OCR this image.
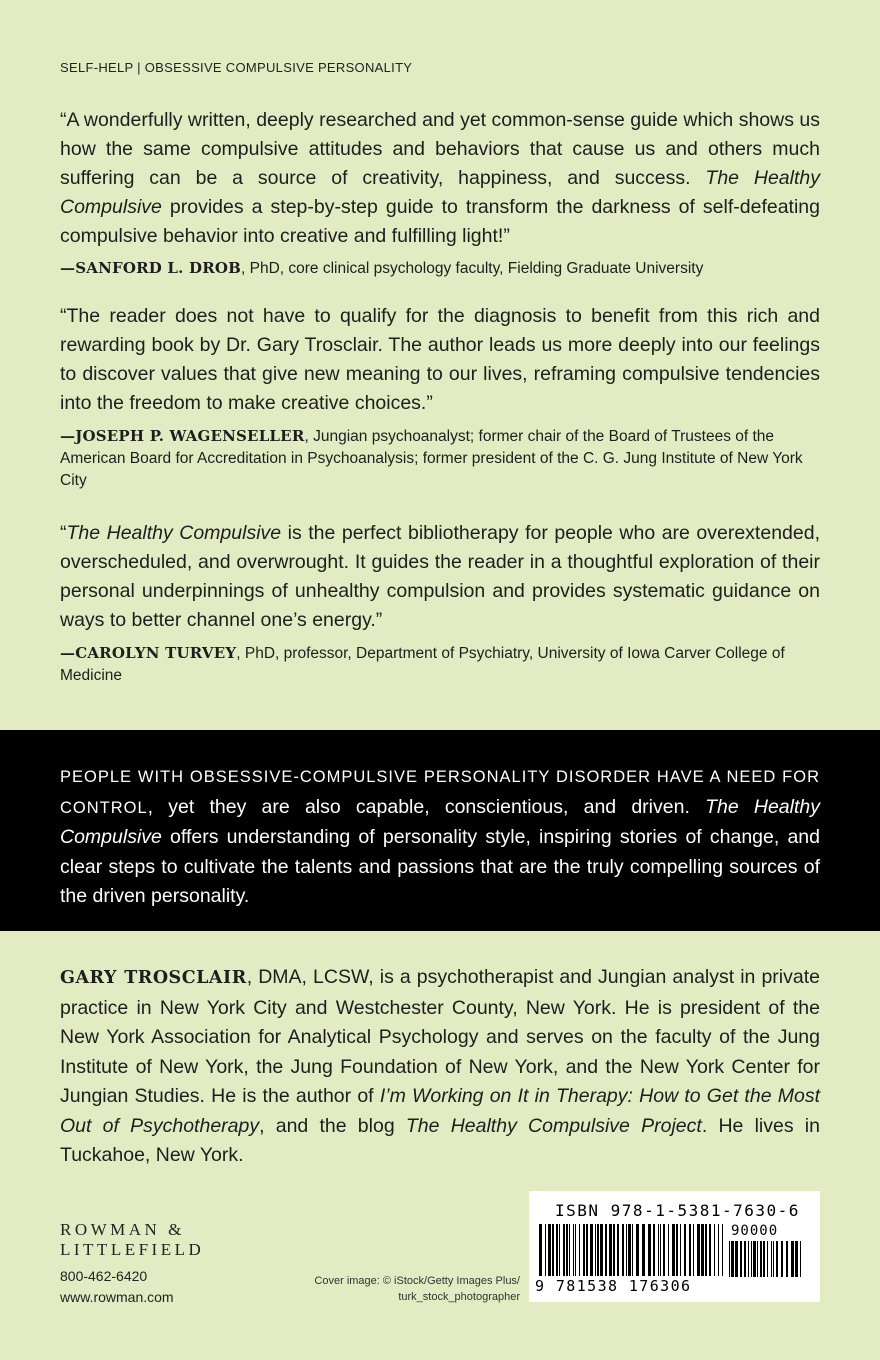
SELF-HELP | OBSESSIVE COMPULSIVE PERSONALITY
“A wonderfully written, deeply researched and yet common-sense guide which shows us how the same compulsive attitudes and behaviors that cause us and others much suffering can be a source of creativity, happiness, and success. The Healthy Compulsive provides a step-by-step guide to transform the darkness of self-defeating compulsive behavior into creative and fulfilling light!”
—SANFORD L. DROB, PhD, core clinical psychology faculty, Fielding Graduate University
“The reader does not have to qualify for the diagnosis to benefit from this rich and rewarding book by Dr. Gary Trosclair. The author leads us more deeply into our feelings to discover values that give new meaning to our lives, reframing compulsive tendencies into the freedom to make creative choices.”
—JOSEPH P. WAGENSELLER, Jungian psychoanalyst; former chair of the Board of Trustees of the American Board for Accreditation in Psychoanalysis; former president of the C. G. Jung Institute of New York City
“The Healthy Compulsive is the perfect bibliotherapy for people who are overextended, overscheduled, and overwrought. It guides the reader in a thoughtful exploration of their personal underpinnings of unhealthy compulsion and provides systematic guidance on ways to better channel one’s energy.”
—CAROLYN TURVEY, PhD, professor, Department of Psychiatry, University of Iowa Carver College of Medicine
PEOPLE WITH OBSESSIVE-COMPULSIVE PERSONALITY DISORDER HAVE A NEED FOR CONTROL, yet they are also capable, conscientious, and driven. The Healthy Compulsive offers understanding of personality style, inspiring stories of change, and clear steps to cultivate the talents and passions that are the truly compelling sources of the driven personality.
GARY TROSCLAIR, DMA, LCSW, is a psychotherapist and Jungian analyst in private practice in New York City and Westchester County, New York. He is president of the New York Association for Analytical Psychology and serves on the faculty of the Jung Institute of New York, the Jung Foundation of New York, and the New York Center for Jungian Studies. He is the author of I’m Working on It in Therapy: How to Get the Most Out of Psychotherapy, and the blog The Healthy Compulsive Project. He lives in Tuckahoe, New York.
ROWMAN &
LITTLEFIELD
800-462-6420
www.rowman.com
Cover image: © iStock/Getty Images Plus/
turk_stock_photographer
ISBN 978-1-5381-7630-6
90000
9 781538 176306
